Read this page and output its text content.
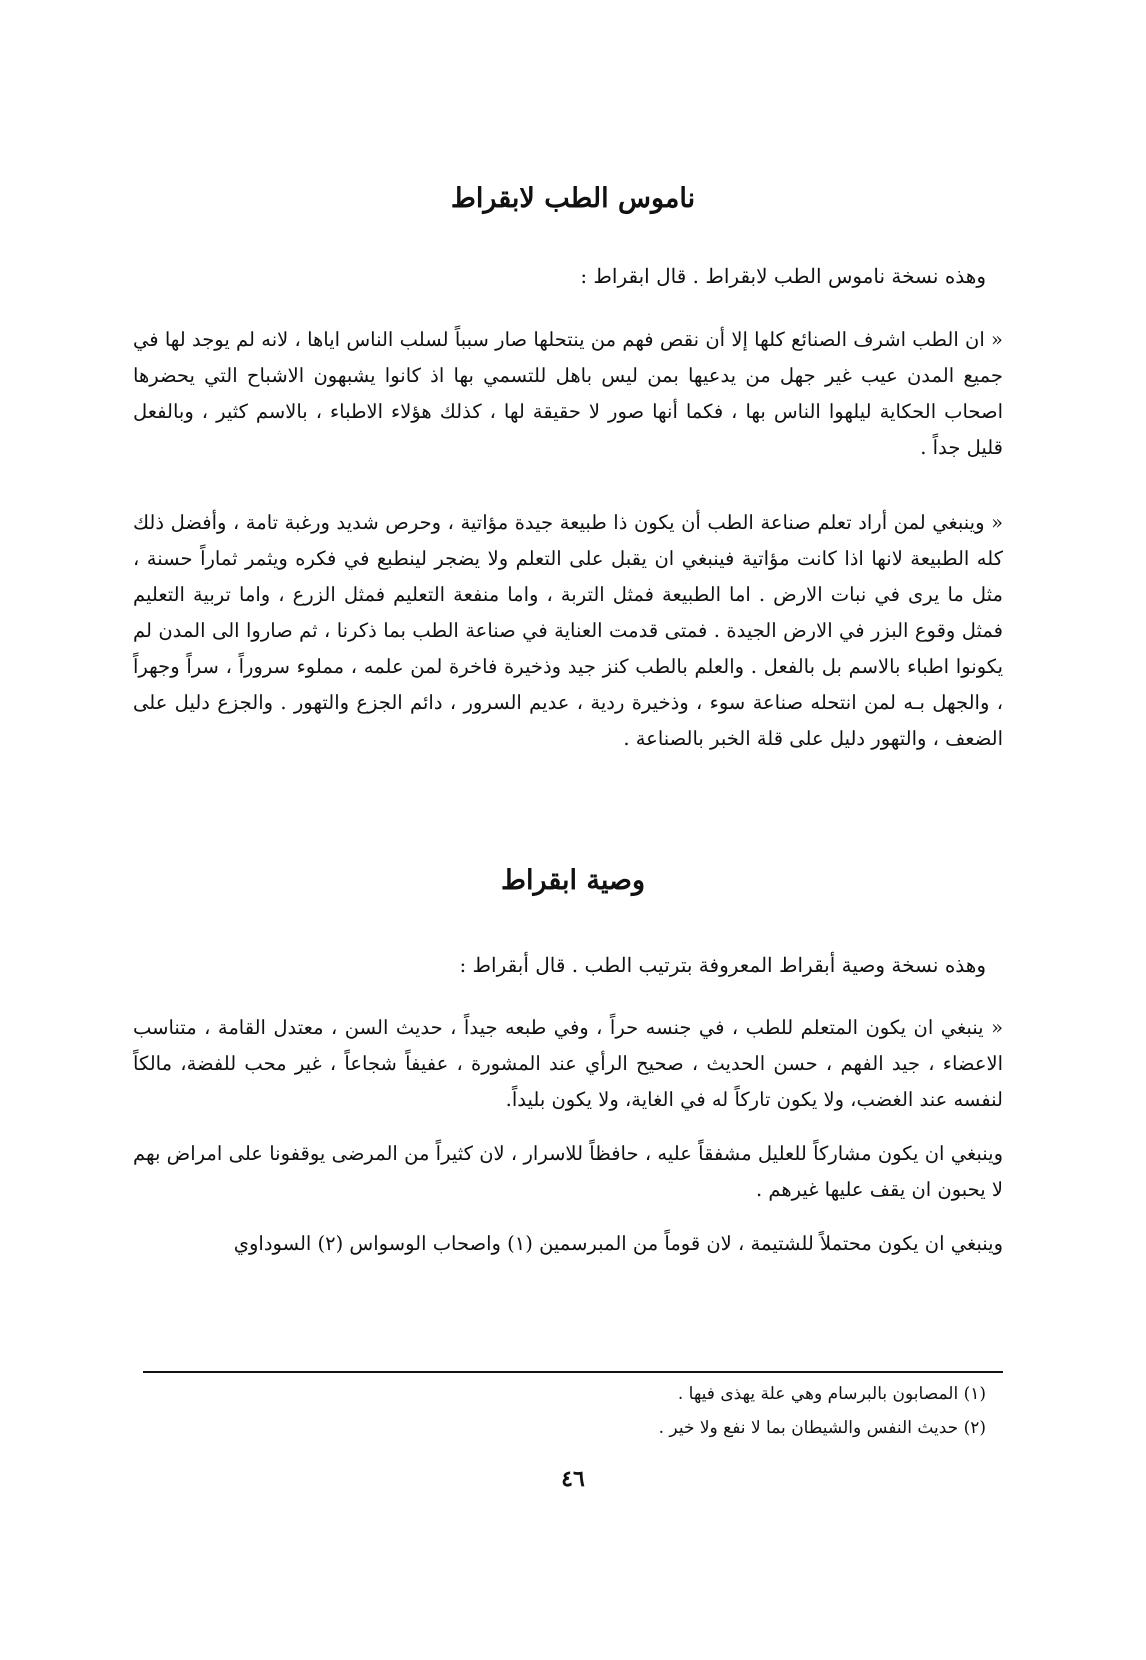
ناموس الطب لابقراط

وهذه نسخة ناموس الطب لابقراط . قال ابقراط :

« ان الطب اشرف الصنائع كلها إلا أن نقص فهم من ينتحلها صار سبباً لسلب الناس اياها ، لانه لم يوجد لها في جميع المدن عيب غير جهل من يدعيها بمن ليس باهل للتسمي بها اذ كانوا يشبهون الاشباح التي يحضرها اصحاب الحكاية ليلهوا الناس بها ، فكما أنها صور لا حقيقة لها ، كذلك هؤلاء الاطباء ، بالاسم كثير ، وبالفعل قليل جداً .

« وينبغي لمن أراد تعلم صناعة الطب أن يكون ذا طبيعة جيدة مؤاتية ، وحرص شديد ورغبة تامة ، وأفضل ذلك كله الطبيعة لانها اذا كانت مؤاتية فينبغي ان يقبل على التعلم ولا يضجر لينطبع في فكره ويثمر ثماراً حسنة ، مثل ما يرى في نبات الارض . اما الطبيعة فمثل التربة ، واما منفعة التعليم فمثل الزرع ، واما تربية التعليم فمثل وقوع البزر في الارض الجيدة . فمتى قدمت العناية في صناعة الطب بما ذكرنا ، ثم صاروا الى المدن لم يكونوا اطباء بالاسم بل بالفعل . والعلم بالطب كنز جيد وذخيرة فاخرة لمن علمه ، مملوء سروراً ، سراً وجهراً ، والجهل بـه لمن انتحله صناعة سوء ، وذخيرة ردية ، عديم السرور ، دائم الجزع والتهور . والجزع دليل على الضعف ، والتهور دليل على قلة الخبر بالصناعة .

وصية ابقراط

وهذه نسخة وصية أبقراط المعروفة بترتيب الطب . قال أبقراط :

« ينبغي ان يكون المتعلم للطب ، في جنسه حراً ، وفي طبعه جيداً ، حديث السن ، معتدل القامة ، متناسب الاعضاء ، جيد الفهم ، حسن الحديث ، صحيح الرأي عند المشورة ، عفيفاً شجاعاً ، غير محب للفضة، مالكاً لنفسه عند الغضب، ولا يكون تاركاً له في الغاية، ولا يكون بليداً.

وينبغي ان يكون مشاركاً للعليل مشفقاً عليه ، حافظاً للاسرار ، لان كثيراً من المرضى يوقفونا على امراض بهم لا يحبون ان يقف عليها غيرهم .

وينبغي ان يكون محتملاً للشتيمة ، لان قوماً من المبرسمين (١) واصحاب الوسواس (٢) السوداوي

(١) المصابون بالبرسام وهي علة يهذى فيها .

(٢) حديث النفس والشيطان بما لا نفع ولا خير .

٤٦
